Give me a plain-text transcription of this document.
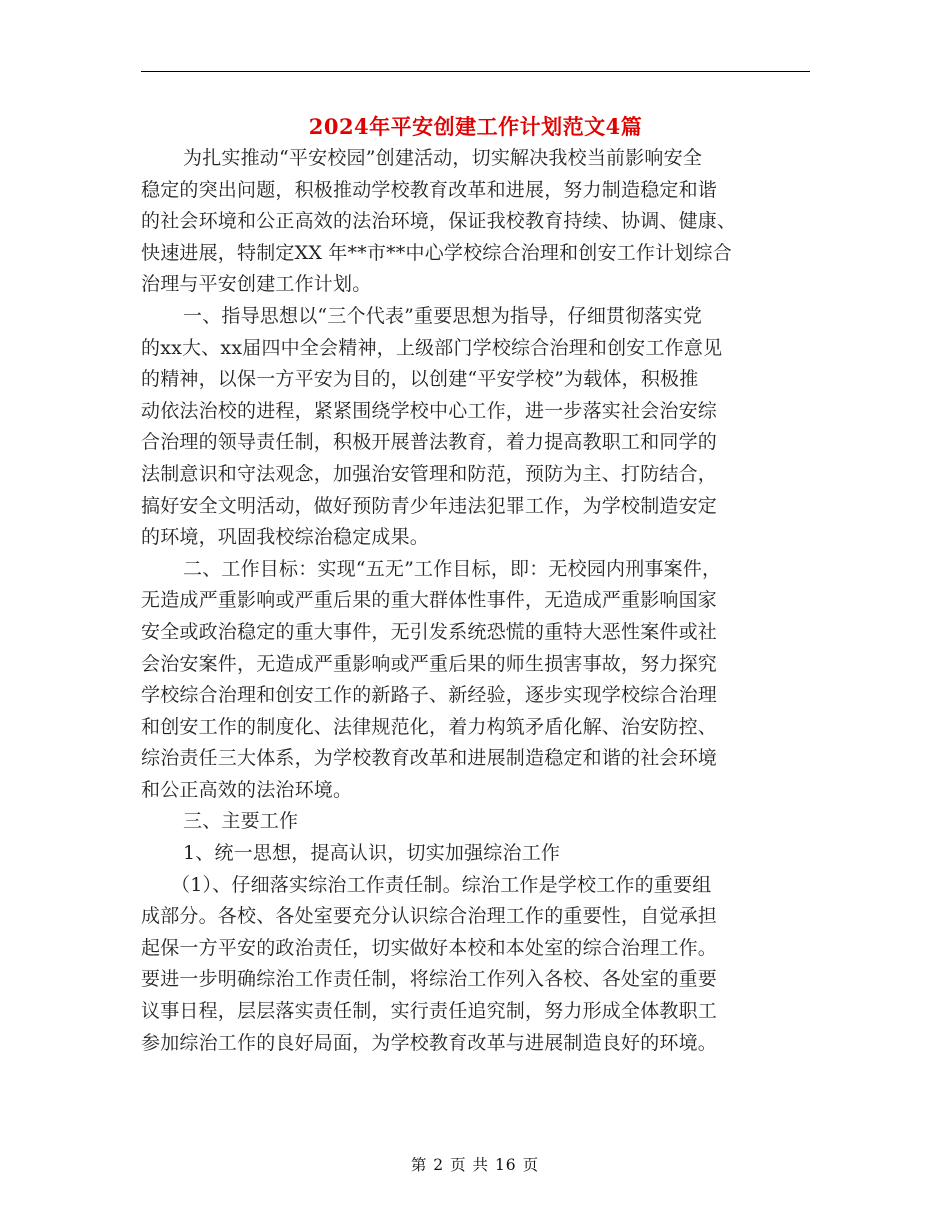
2024年平安创建工作计划范文4篇
为扎实推动“平安校园”创建活动，切实解决我校当前影响安全
稳定的突出问题，积极推动学校教育改革和进展，努力制造稳定和谐
的社会环境和公正高效的法治环境，保证我校教育持续、协调、健康、
快速进展，特制定XX 年**市**中心学校综合治理和创安工作计划综合
治理与平安创建工作计划。
一、指导思想以“三个代表”重要思想为指导，仔细贯彻落实党
的xx大、xx届四中全会精神，上级部门学校综合治理和创安工作意见
的精神，以保一方平安为目的，以创建“平安学校”为载体，积极推
动依法治校的进程，紧紧围绕学校中心工作，进一步落实社会治安综
合治理的领导责任制，积极开展普法教育，着力提高教职工和同学的
法制意识和守法观念，加强治安管理和防范，预防为主、打防结合，
搞好安全文明活动，做好预防青少年违法犯罪工作，为学校制造安定
的环境，巩固我校综治稳定成果。
二、工作目标：实现“五无”工作目标，即：无校园内刑事案件，
无造成严重影响或严重后果的重大群体性事件，无造成严重影响国家
安全或政治稳定的重大事件，无引发系统恐慌的重特大恶性案件或社
会治安案件，无造成严重影响或严重后果的师生损害事故，努力探究
学校综合治理和创安工作的新路子、新经验，逐步实现学校综合治理
和创安工作的制度化、法律规范化，着力构筑矛盾化解、治安防控、
综治责任三大体系，为学校教育改革和进展制造稳定和谐的社会环境
和公正高效的法治环境。
三、主要工作
1、统一思想，提高认识，切实加强综治工作
（1）、仔细落实综治工作责任制。综治工作是学校工作的重要组
成部分。各校、各处室要充分认识综合治理工作的重要性，自觉承担
起保一方平安的政治责任，切实做好本校和本处室的综合治理工作。
要进一步明确综治工作责任制，将综治工作列入各校、各处室的重要
议事日程，层层落实责任制，实行责任追究制，努力形成全体教职工
参加综治工作的良好局面，为学校教育改革与进展制造良好的环境。
第 2 页 共 16 页
